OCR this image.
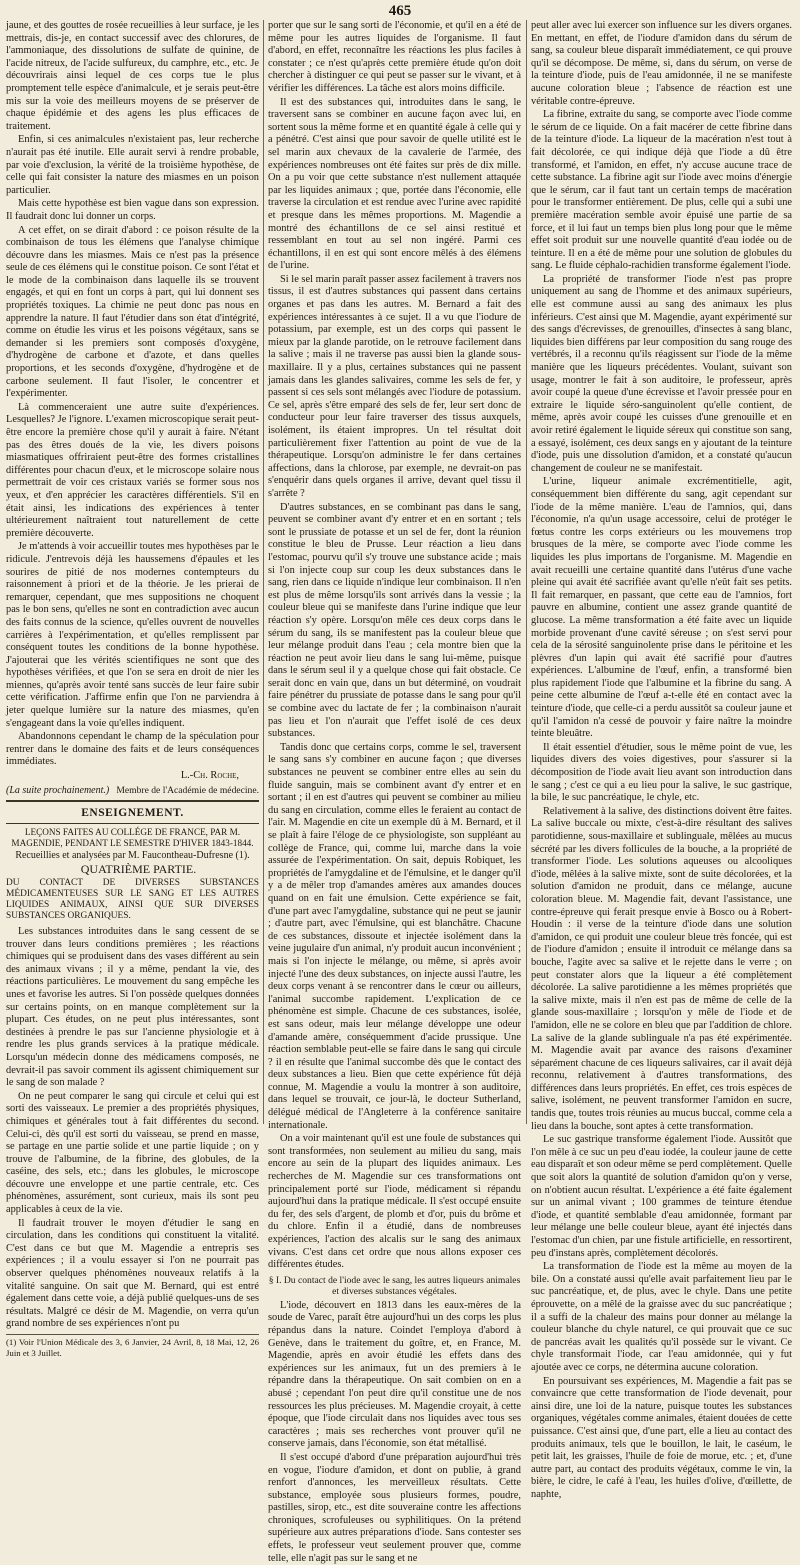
465

jaune, et des gouttes de rosée recueillies à leur surface, je les mettrais, dis-je, en contact successif avec des chlorures, de l'ammoniaque, des dissolutions de sulfate de quinine, de l'acide nitreux, de l'acide sulfureux, du camphre, etc., etc. Je découvrirais ainsi lequel de ces corps tue le plus promptement telle espèce d'animalcule, et je serais peut-être mis sur la voie des meilleurs moyens de se préserver de chaque épidémie et des agens les plus efficaces de traitement.

Enfin, si ces animalcules n'existaient pas, leur recherche n'aurait pas été inutile. Elle aurait servi à rendre probable, par voie d'exclusion, la vérité de la troisième hypothèse, de celle qui fait consister la nature des miasmes en un poison particulier.

Mais cette hypothèse est bien vague dans son expression. Il faudrait donc lui donner un corps.

A cet effet, on se dirait d'abord : ce poison résulte de la combinaison de tous les élémens que l'analyse chimique découvre dans les miasmes. Mais ce n'est pas la présence seule de ces élémens qui le constitue poison. Ce sont l'état et le mode de la combinaison dans laquelle ils se trouvent engagés, et qui en font un corps à part, qui lui donnent ses propriétés toxiques. La chimie ne peut donc pas nous en apprendre la nature. Il faut l'étudier dans son état d'intégrité, comme on étudie les virus et les poisons végétaux, sans se demander si les premiers sont composés d'oxygène, d'hydrogène de carbone et d'azote, et dans quelles proportions, et les seconds d'oxygène, d'hydrogène et de carbone seulement. Il faut l'isoler, le concentrer et l'expérimenter.

Là commenceraient une autre suite d'expériences. Lesquelles? Je l'ignore. L'examen microscopique serait peut-être encore la première chose qu'il y aurait à faire. N'étant pas des êtres doués de la vie, les divers poisons miasmatiques offriraient peut-être des formes cristallines différentes pour chacun d'eux, et le microscope solaire nous permettrait de voir ces cristaux variés se former sous nos yeux, et d'en apprécier les caractères différentiels. S'il en était ainsi, les indications des expériences à tenter ultérieurement naîtraient tout naturellement de cette première découverte.

Je m'attends à voir accueillir toutes mes hypothèses par le ridicule. J'entrevois déjà les haussemens d'épaules et les sourires de pitié de nos modernes contempteurs du raisonnement à priori et de la théorie. Je les prierai de remarquer, cependant, que mes suppositions ne choquent pas le bon sens, qu'elles ne sont en contradiction avec aucun des faits connus de la science, qu'elles ouvrent de nouvelles carrières à l'expérimentation, et qu'elles remplissent par conséquent toutes les conditions de la bonne hypothèse. J'ajouterai que les vérités scientifiques ne sont que des hypothèses vérifiées, et que l'on se sera en droit de nier les miennes, qu'après avoir tenté sans succès de leur faire subir cette vérification. J'affirme enfin que l'on ne parviendra à jeter quelque lumière sur la nature des miasmes, qu'en s'engageant dans la voie qu'elles indiquent.

Abandonnons cependant le champ de la spéculation pour rentrer dans le domaine des faits et de leurs conséquences immédiates.

L.-Ch. Roche,
(La suite prochainement.) Membre de l'Académie de médecine.
ENSEIGNEMENT.

LEÇONS FAITES AU COLLÉGE DE FRANCE, PAR M. MAGENDIE, PENDANT LE SEMESTRE D'HIVER 1843-1844.

Recueillies et analysées par M. Faucontheau-Dufresne (1).

QUATRIÈME PARTIE.

DU CONTACT DE DIVERSES SUBSTANCES MÉDICAMENTEUSES SUR LE SANG ET LES AUTRES LIQUIDES ANIMAUX, AINSI QUE SUR DIVERSES SUBSTANCES ORGANIQUES.

Les substances introduites dans le sang cessent de se trouver dans leurs conditions premières ; les réactions chimiques qui se produisent dans des vases différent au sein des animaux vivans ; il y a même, pendant la vie, des réactions particulières. Le mouvement du sang empêche les unes et favorise les autres. Si l'on possède quelques données sur certains points, on en manque complètement sur la plupart. Ces études, on ne peut plus intéressantes, sont destinées à prendre le pas sur l'ancienne physiologie et à rendre les plus grands services à la pratique médicale. Lorsqu'un médecin donne des médicamens composés, ne devrait-il pas savoir comment ils agissent chimiquement sur le sang de son malade ?

On ne peut comparer le sang qui circule et celui qui est sorti des vaisseaux. Le premier a des propriétés physiques, chimiques et générales tout à fait différentes du second. Celui-ci, dès qu'il est sorti du vaisseau, se prend en masse, se partage en une partie solide et une partie liquide ; on y trouve de l'albumine, de la fibrine, des globules, de la caséine, des sels, etc.; dans les globules, le microscope découvre une enveloppe et une partie centrale, etc. Ces phénomènes, assurément, sont curieux, mais ils sont peu applicables à ceux de la vie.

Il faudrait trouver le moyen d'étudier le sang en circulation, dans les conditions qui constituent la vitalité. C'est dans ce but que M. Magendie a entrepris ses expériences ; il a voulu essayer si l'on ne pourrait pas observer quelques phénomènes nouveaux relatifs à la vitalité sanguine. On sait que M. Bernard, qui est entré également dans cette voie, a déjà publié quelques-uns de ses résultats. Malgré ce désir de M. Magendie, on verra qu'un grand nombre de ses expériences n'ont pu

(1) Voir l'Union Médicale des 3, 6 Janvier, 24 Avril, 8, 18 Mai, 12, 26 Juin et 3 Juillet.

porter que sur le sang sorti de l'économie, et qu'il en a été de même pour les autres liquides de l'organisme. Il faut d'abord, en effet, reconnaître les réactions les plus faciles à constater ; ce n'est qu'après cette première étude qu'on doit chercher à distinguer ce qui peut se passer sur le vivant, et à vérifier les différences. La tâche est alors moins difficile.

Il est des substances qui, introduites dans le sang, le traversent sans se combiner en aucune façon avec lui, en sortent sous la même forme et en quantité égale à celle qui y a pénétré. C'est ainsi que pour savoir de quelle utilité est le sel marin aux chevaux de la cavalerie de l'armée, des expériences nombreuses ont été faites sur près de dix mille. On a pu voir que cette substance n'est nullement attaquée par les liquides animaux ; que, portée dans l'économie, elle traverse la circulation et est rendue avec l'urine avec rapidité et presque dans les mêmes proportions. M. Magendie a montré des échantillons de ce sel ainsi restitué et ressemblant en tout au sel non ingéré. Parmi ces échantillons, il en est qui sont encore mêlés à des élémens de l'urine.

Si le sel marin paraît passer assez facilement à travers nos tissus, il est d'autres substances qui passent dans certains organes et pas dans les autres. M. Bernard a fait des expériences intéressantes à ce sujet. Il a vu que l'iodure de potassium, par exemple, est un des corps qui passent le mieux par la glande parotide, on le retrouve facilement dans la salive ; mais il ne traverse pas aussi bien la glande sous-maxillaire. Il y a plus, certaines substances qui ne passent jamais dans les glandes salivaires, comme les sels de fer, y passent si ces sels sont mélangés avec l'iodure de potassium. Ce sel, après s'être emparé des sels de fer, leur sert donc de conducteur pour leur faire traverser des tissus auxquels, isolément, ils étaient impropres. Un tel résultat doit particulièrement fixer l'attention au point de vue de la thérapeutique. Lorsqu'on administre le fer dans certaines affections, dans la chlorose, par exemple, ne devrait-on pas s'enquérir dans quels organes il arrive, devant quel tissu il s'arrête ?

D'autres substances, en se combinant pas dans le sang, peuvent se combiner avant d'y entrer et en en sortant ; tels sont le prussiate de potasse et un sel de fer, dont la réunion constitue le bleu de Prusse. Leur réaction a lieu dans l'estomac, pourvu qu'il s'y trouve une substance acide ; mais si l'on injecte coup sur coup les deux substances dans le sang, rien dans ce liquide n'indique leur combinaison. Il n'en est plus de même lorsqu'ils sont arrivés dans la vessie ; la couleur bleue qui se manifeste dans l'urine indique que leur réaction s'y opère. Lorsqu'on mêle ces deux corps dans le sérum du sang, ils se manifestent pas la couleur bleue que leur mélange produit dans l'eau ; cela montre bien que la réaction ne peut avoir lieu dans le sang lui-même, puisque dans le sérum seul il y a quelque chose qui fait obstacle. Ce serait donc en vain que, dans un but déterminé, on voudrait faire pénétrer du prussiate de potasse dans le sang pour qu'il se combine avec du lactate de fer ; la combinaison n'aurait pas lieu et l'on n'aurait que l'effet isolé de ces deux substances.

Tandis donc que certains corps, comme le sel, traversent le sang sans s'y combiner en aucune façon ; que diverses substances ne peuvent se combiner entre elles au sein du fluide sanguin, mais se combinent avant d'y entrer et en sortant ; il en est d'autres qui peuvent se combiner au milieu du sang en circulation, comme elles le feraient au contact de l'air. M. Magendie en cite un exemple dû à M. Bernard, et il se plaît à faire l'éloge de ce physiologiste, son suppléant au collège de France, qui, comme lui, marche dans la voie assurée de l'expérimentation. On sait, depuis Robiquet, les propriétés de l'amygdaline et de l'émulsine, et le danger qu'il y a de mêler trop d'amandes amères aux amandes douces quand on en fait une émulsion. Cette expérience se fait, d'une part avec l'amygdaline, substance qui ne peut se jaunir ; d'autre part, avec l'émulsine, qui est blanchâtre. Chacune de ces substances, dissoute et injectée isolément dans la veine jugulaire d'un animal, n'y produit aucun inconvénient ; mais si l'on injecte le mélange, ou même, si après avoir injecté l'une des deux substances, on injecte aussi l'autre, les deux corps venant à se rencontrer dans le cœur ou ailleurs, l'animal succombe rapidement. L'explication de ce phénomène est simple. Chacune de ces substances, isolée, est sans odeur, mais leur mélange développe une odeur d'amande amère, conséquemment d'acide prussique. Une réaction semblable peut-elle se faire dans le sang qui circule ? il en résulte que l'animal succombe dès que le contact des deux substances a lieu. Bien que cette expérience fût déjà connue, M. Magendie a voulu la montrer à son auditoire, dans lequel se trouvait, ce jour-là, le docteur Sutherland, délégué médical de l'Angleterre à la conférence sanitaire internationale.

On a voir maintenant qu'il est une foule de substances qui sont transformées, non seulement au milieu du sang, mais encore au sein de la plupart des liquides animaux. Les recherches de M. Magendie sur ces transformations ont principalement porté sur l'iode, médicament si répandu aujourd'hui dans la pratique médicale. Il s'est occupé ensuite du fer, des sels d'argent, de plomb et d'or, puis du brôme et du chlore. Enfin il a étudié, dans de nombreuses expériences, l'action des alcalis sur le sang des animaux vivans. C'est dans cet ordre que nous allons exposer ces différentes études.

§ I. Du contact de l'iode avec le sang, les autres liqueurs animales et diverses substances végétales.

L'iode, découvert en 1813 dans les eaux-mères de la soude de Varec, paraît être aujourd'hui un des corps les plus répandus dans la nature. Coindet l'employa d'abord à Genève, dans le traitement du goître, et, en France, M. Magendie, après en avoir étudié les effets dans des expériences sur les animaux, fut un des premiers à le répandre dans la thérapeutique. On sait combien on en a abusé ; cependant l'on peut dire qu'il constitue une de nos ressources les plus précieuses. M. Magendie croyait, à cette époque, que l'iode circulait dans nos liquides avec tous ses caractères ; mais ses recherches vont prouver qu'il ne conserve jamais, dans l'économie, son état métallisé.

Il s'est occupé d'abord d'une préparation aujourd'hui très en vogue, l'iodure d'amidon, et dont on publie, à grand renfort d'annonces, les merveilleux résultats. Cette substance, employée sous plusieurs formes, poudre, pastilles, sirop, etc., est dite souveraine contre les affections chroniques, scrofuleuses ou syphilitiques. On la prétend supérieure aux autres préparations d'iode. Sans contester ses effets, le professeur veut seulement prouver que, comme telle, elle n'agit pas sur le sang et ne

peut aller avec lui exercer son influence sur les divers organes. En mettant, en effet, de l'iodure d'amidon dans du sérum de sang, sa couleur bleue disparaît immédiatement, ce qui prouve qu'il se décompose. De même, si, dans du sérum, on verse de la teinture d'iode, puis de l'eau amidonnée, il ne se manifeste aucune coloration bleue ; l'absence de réaction est une véritable contre-épreuve.

La fibrine, extraite du sang, se comporte avec l'iode comme le sérum de ce liquide. On a fait macérer de cette fibrine dans de la teinture d'iode. La liqueur de la macération n'est tout à fait décolorée, ce qui indique déjà que l'iode a dû être transformé, et l'amidon, en effet, n'y accuse aucune trace de cette substance. La fibrine agit sur l'iode avec moins d'énergie que le sérum, car il faut tant un certain temps de macération pour le transformer entièrement. De plus, celle qui a subi une première macération semble avoir épuisé une partie de sa force, et il lui faut un temps bien plus long pour que le même effet soit produit sur une nouvelle quantité d'eau iodée ou de teinture. Il en a été de même pour une solution de globules du sang. Le fluide céphalo-rachidien transforme également l'iode.

La propriété de transformer l'iode n'est pas propre uniquement au sang de l'homme et des animaux supérieurs, elle est commune aussi au sang des animaux les plus inférieurs. C'est ainsi que M. Magendie, ayant expérimenté sur des sangs d'écrevisses, de grenouilles, d'insectes à sang blanc, liquides bien différens par leur composition du sang rouge des vertébrés, il a reconnu qu'ils réagissent sur l'iode de la même manière que les liqueurs précédentes. Voulant, suivant son usage, montrer le fait à son auditoire, le professeur, après avoir coupé la queue d'une écrevisse et l'avoir pressée pour en extraire le liquide séro-sanguinolent qu'elle contient, de même, après avoir coupé les cuisses d'une grenouille et en avoir retiré également le liquide séreux qui constitue son sang, a essayé, isolément, ces deux sangs en y ajoutant de la teinture d'iode, puis une dissolution d'amidon, et a constaté qu'aucun changement de couleur ne se manifestait.

L'urine, liqueur animale excrémentitielle, agit, conséquemment bien différente du sang, agit cependant sur l'iode de la même manière. L'eau de l'amnios, qui, dans l'économie, n'a qu'un usage accessoire, celui de protéger le fœtus contre les corps extérieurs ou les mouvemens trop brusques de la mère, se comporte avec l'iode comme les liquides les plus importans de l'organisme. M. Magendie en avait recueilli une certaine quantité dans l'utérus d'une vache pleine qui avait été sacrifiée avant qu'elle n'eût fait ses petits. Il fait remarquer, en passant, que cette eau de l'amnios, fort pauvre en albumine, contient une assez grande quantité de glucose. La même transformation a été faite avec un liquide morbide provenant d'une cavité séreuse ; on s'est servi pour cela de la sérosité sanguinolente prise dans le péritoine et les plèvres d'un lapin qui avait été sacrifié pour d'autres expériences. L'albumine de l'œuf, enfin, a transformé bien plus rapidement l'iode que l'albumine et la fibrine du sang. A peine cette albumine de l'œuf a-t-elle été en contact avec la teinture d'iode, que celle-ci a perdu aussitôt sa couleur jaune et qu'il l'amidon n'a cessé de pouvoir y faire naître la moindre teinte bleuâtre.

Il était essentiel d'étudier, sous le même point de vue, les liquides divers des voies digestives, pour s'assurer si la décomposition de l'iode avait lieu avant son introduction dans le sang ; c'est ce qui a eu lieu pour la salive, le suc gastrique, la bile, le suc pancréatique, le chyle, etc.

Relativement à la salive, des distinctions doivent être faites. La salive buccale ou mixte, c'est-à-dire résultant des salives parotidienne, sous-maxillaire et sublinguale, mêlées au mucus sécrété par les divers follicules de la bouche, a la propriété de transformer l'iode. Les solutions aqueuses ou alcooliques d'iode, mêlées à la salive mixte, sont de suite décolorées, et la solution d'amidon ne produit, dans ce mélange, aucune coloration bleue. M. Magendie fait, devant l'assistance, une contre-épreuve qui ferait presque envie à Bosco ou à Robert-Houdin : il verse de la teinture d'iode dans une solution d'amidon, ce qui produit une couleur bleue très foncée, qui est de l'iodure d'amidon ; ensuite il introduit ce mélange dans sa bouche, l'agite avec sa salive et le rejette dans le verre ; on peut constater alors que la liqueur a été complètement décolorée. La salive parotidienne a les mêmes propriétés que la salive mixte, mais il n'en est pas de même de celle de la glande sous-maxillaire ; lorsqu'on y mêle de l'iode et de l'amidon, elle ne se colore en bleu que par l'addition de chlore. La salive de la glande sublinguale n'a pas été expérimentée. M. Magendie avait par avance des raisons d'examiner séparément chacune de ces liqueurs salivaires, car il avait déjà reconnu, relativement à d'autres transformations, des différences dans leurs propriétés. En effet, ces trois espèces de salive, isolément, ne peuvent transformer l'amidon en sucre, tandis que, toutes trois réunies au mucus buccal, comme cela a lieu dans la bouche, sont aptes à cette transformation.

Le suc gastrique transforme également l'iode. Aussitôt que l'on mêle à ce suc un peu d'eau iodée, la couleur jaune de cette eau disparaît et son odeur même se perd complètement. Quelle que soit alors la quantité de solution d'amidon qu'on y verse, on n'obtient aucun résultat. L'expérience a été faite également sur un animal vivant ; 100 grammes de teinture étendue d'iode, et quantité semblable d'eau amidonnée, formant par leur mélange une belle couleur bleue, ayant été injectés dans l'estomac d'un chien, par une fistule artificielle, en ressortirent, peu d'instans après, complètement décolorés.

La transformation de l'iode est la même au moyen de la bile. On a constaté aussi qu'elle avait parfaitement lieu par le suc pancréatique, et, de plus, avec le chyle. Dans une petite éprouvette, on a mêlé de la graisse avec du suc pancréatique ; il a suffi de la chaleur des mains pour donner au mélange la couleur blanche du chyle naturel, ce qui prouvait que ce suc de pancréas avait les qualités qu'il possède sur le vivant. Ce chyle transformait l'iode, car l'eau amidonnée, qui y fut ajoutée avec ce corps, ne détermina aucune coloration.

En poursuivant ses expériences, M. Magendie a fait pas se convaincre que cette transformation de l'iode devenait, pour ainsi dire, une loi de la nature, puisque toutes les substances organiques, végétales comme animales, étaient douées de cette puissance. C'est ainsi que, d'une part, elle a lieu au contact des produits animaux, tels que le bouillon, le lait, le caséum, le petit lait, les graisses, l'huile de foie de morue, etc. ; et, d'une autre part, au contact des produits végétaux, comme le vin, la bière, le cidre, le café à l'eau, les huiles d'olive, d'œillette, de naphte,
